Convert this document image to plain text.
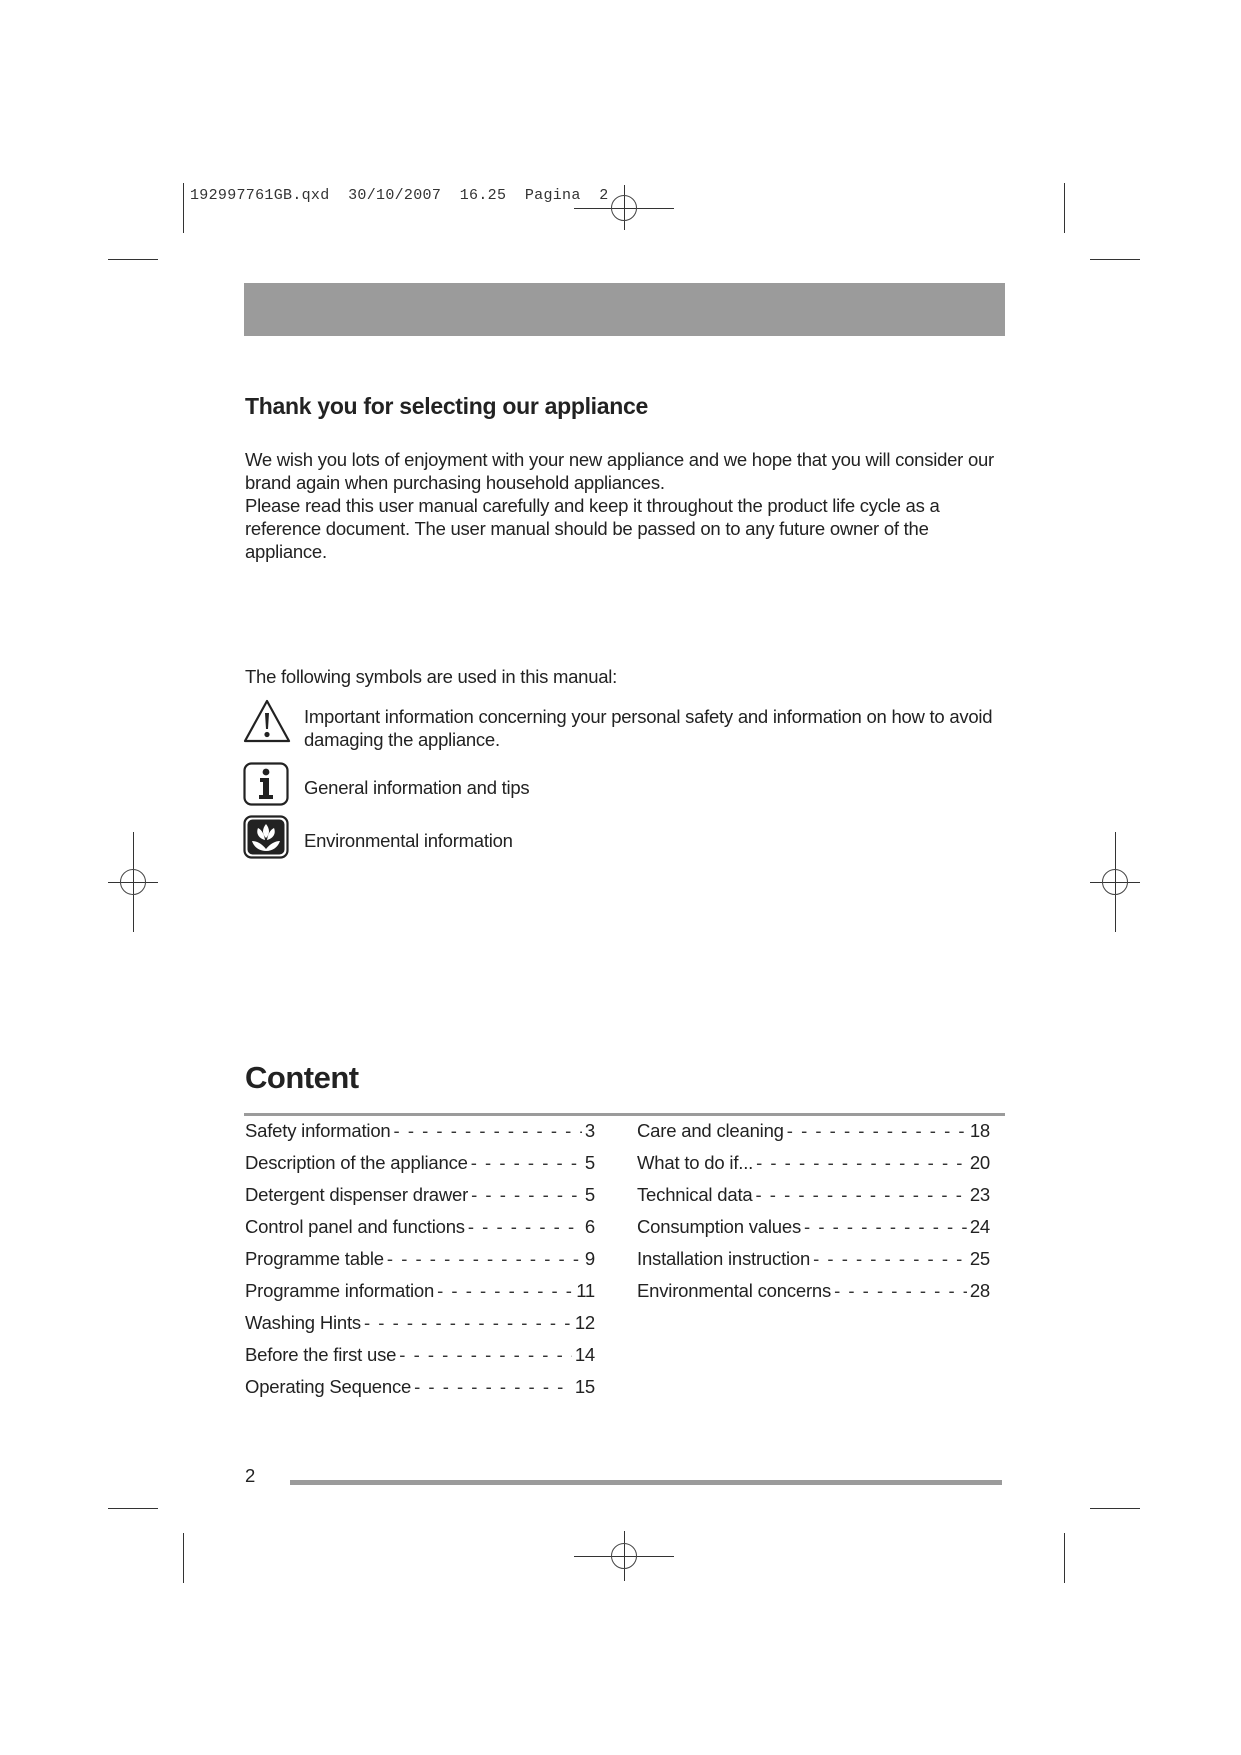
192997761GB.qxd  30/10/2007  16.25  Pagina  2
Thank you for selecting our appliance

We wish you lots of enjoyment with your new appliance and we hope that you will consider our brand again when purchasing household appliances.

Please read this user manual carefully and keep it throughout the product life cycle as a reference document. The user manual should be passed on to any future owner of the appliance.

The following symbols are used in this manual:
Important information concerning your personal safety and information on how to avoid damaging the appliance.
General information and tips
Environmental information
Content
Safety information - - -	3
Description of the appliance - - -	5
Detergent dispenser drawer - - -	5
Control panel and functions - - -	6
Programme table - - -	9
Programme information - - -	11
Washing Hints - - -	12
Before the first use - - -	14
Operating Sequence - - -	15
Care and cleaning - - -	18
What to do if... - - -	20
Technical data - - -	23
Consumption values - - -	24
Installation instruction - - -	25
Environmental concerns - - -	28
2
